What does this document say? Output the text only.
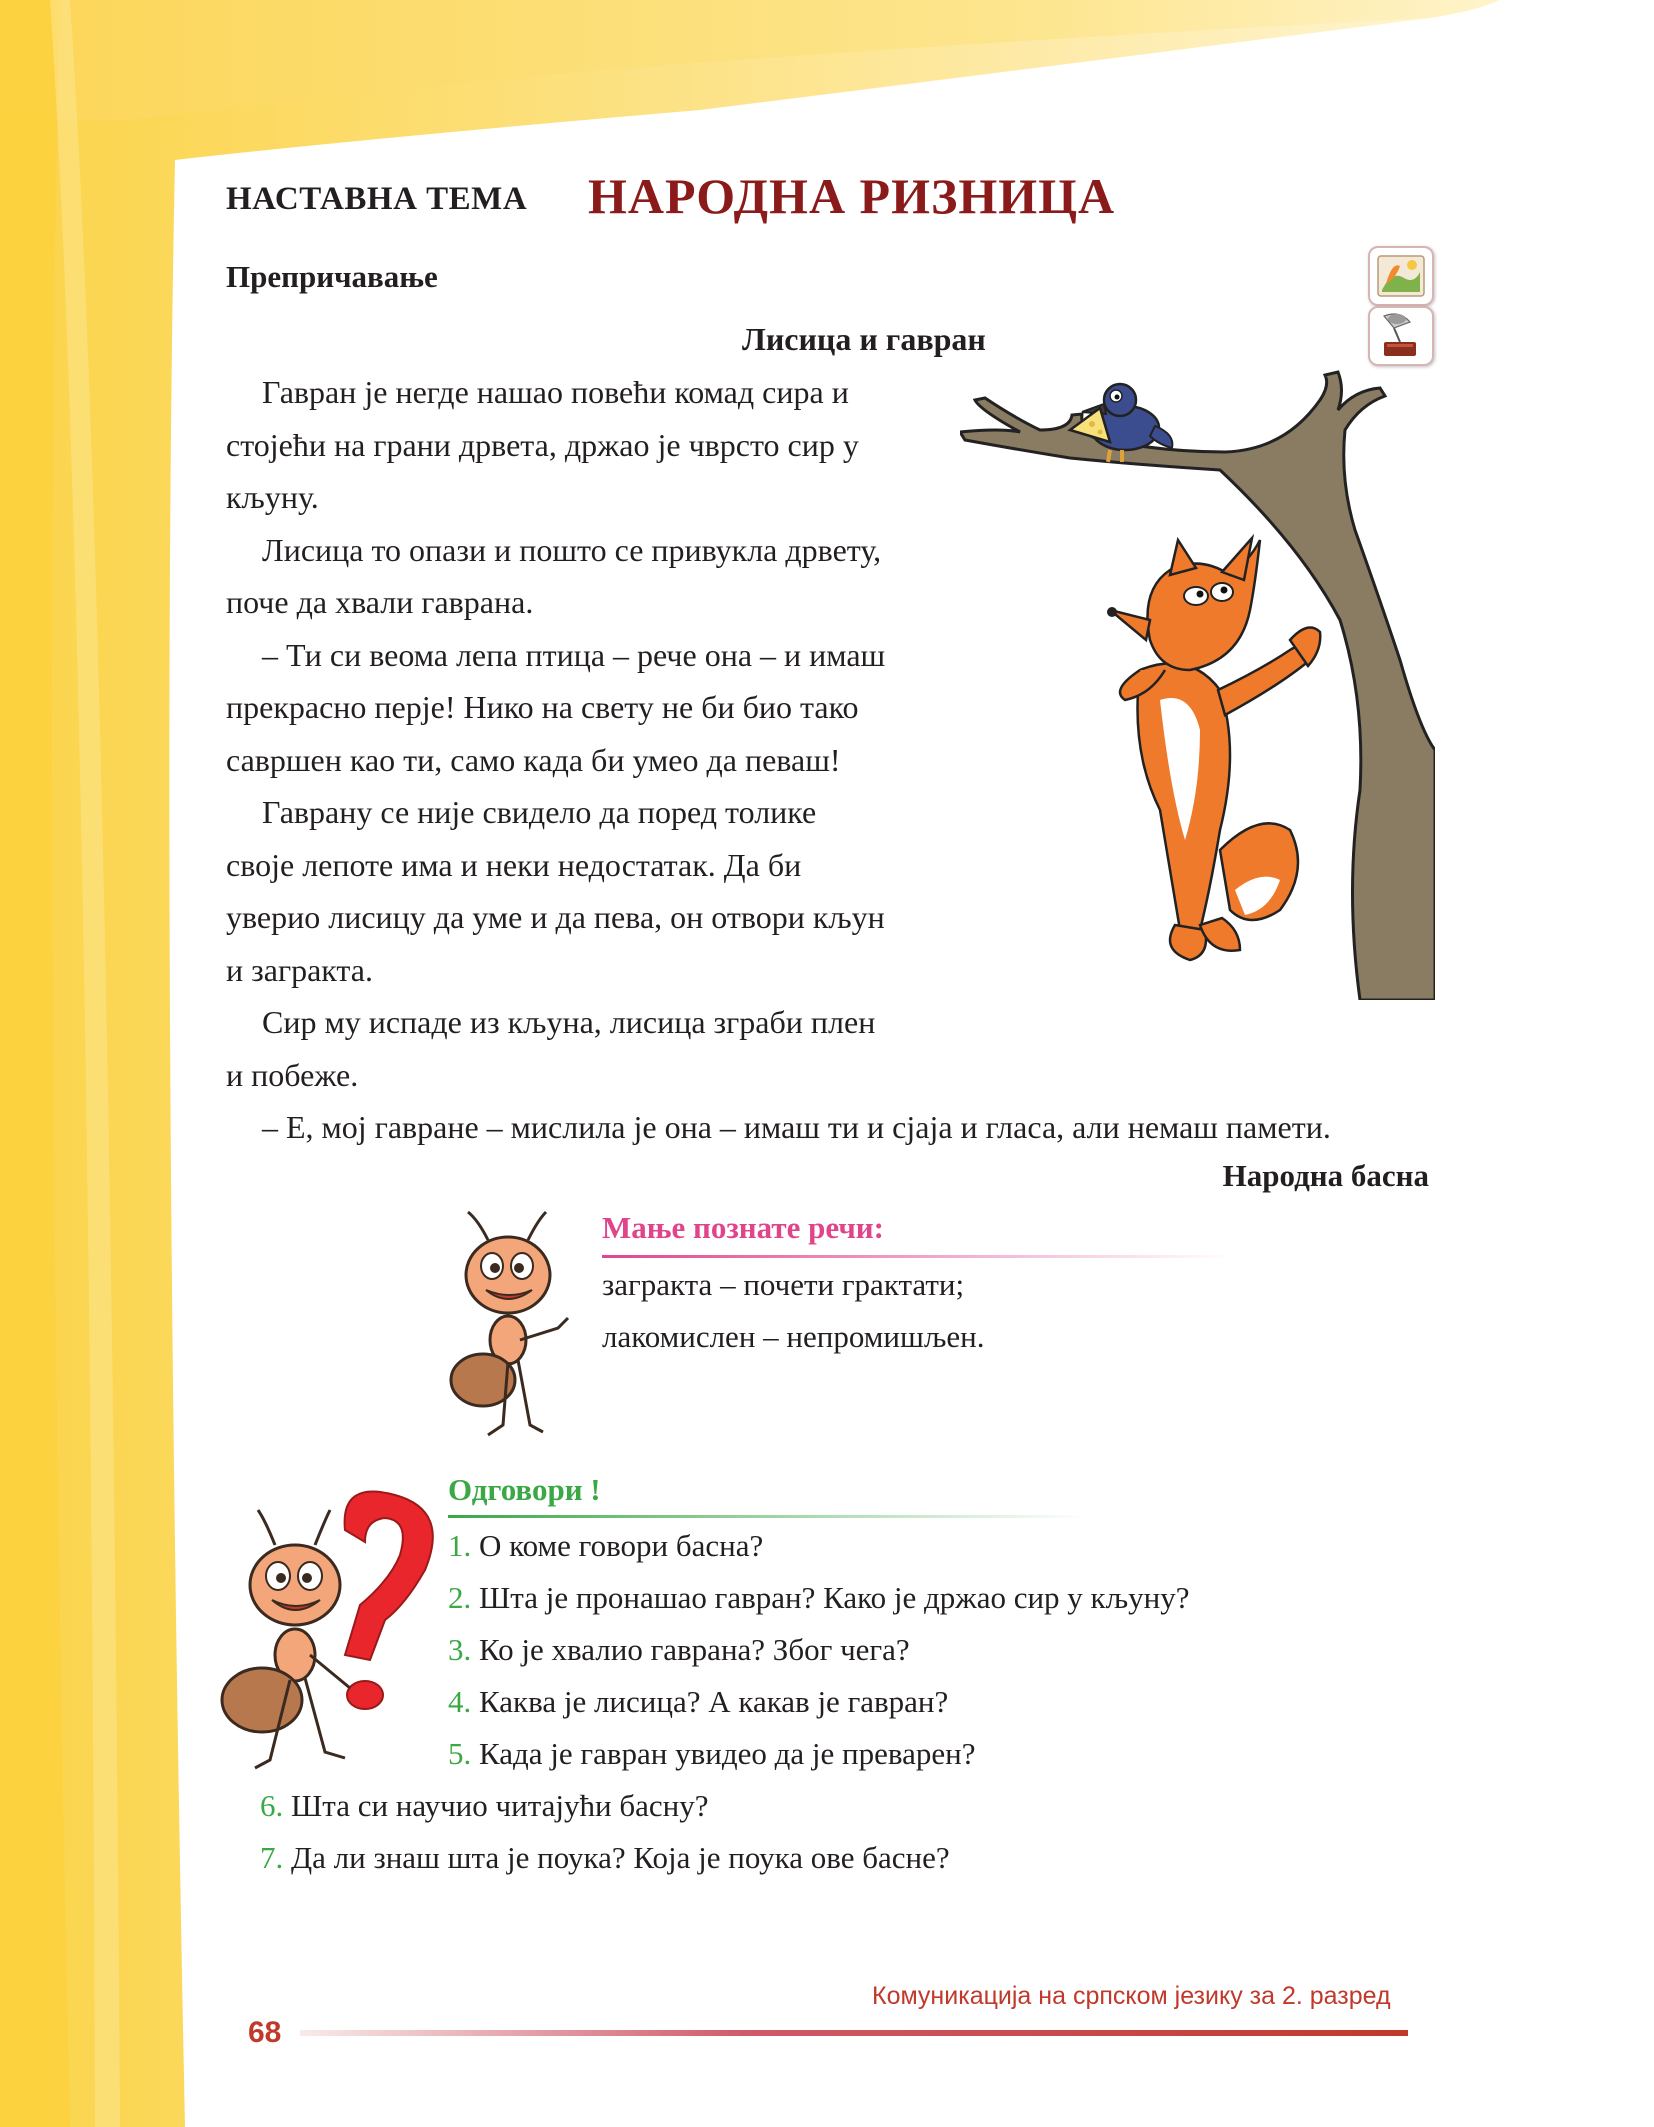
НАСТАВНА ТЕМА НАРОДНА РИЗНИЦА
Препричавање
Лисица и гавран
Гавран је негде нашао повећи комад сира и
стојећи на грани дрвета, држао је чврсто сир у
кљуну.
Лисица то опази и пошто се привукла дрвету,
поче да хвали гаврана.
– Ти си веома лепа птица – рече она – и имаш
прекрасно перје! Нико на свету не би био тако
савршен као ти, само када би умео да певаш!
Гаврану се није свидело да поред толике
своје лепоте има и неки недостатак. Да би
уверио лисицу да уме и да пева, он отвори кљун
и загракта.
Сир му испаде из кљуна, лисица зграби плен
и побеже.
– Е, мој гавране – мислила је она – имаш ти и сјаја и гласа, али немаш памети.
Народна басна
Мање познате речи:
загракта – почети грактати;
лакомислен – непромишљен.
Одговори !
1. О коме говори басна?
2. Шта је пронашао гавран? Како је држао сир у кљуну?
3. Ко је хвалио гаврана? Због чега?
4. Каква је лисица? А какав је гавран?
5. Када је гавран увидео да је преварен?
6. Шта си научио читајући басну?
7. Да ли знаш шта је поука? Која је поука ове басне?
Комуникација на српском језику за 2. разред
68
